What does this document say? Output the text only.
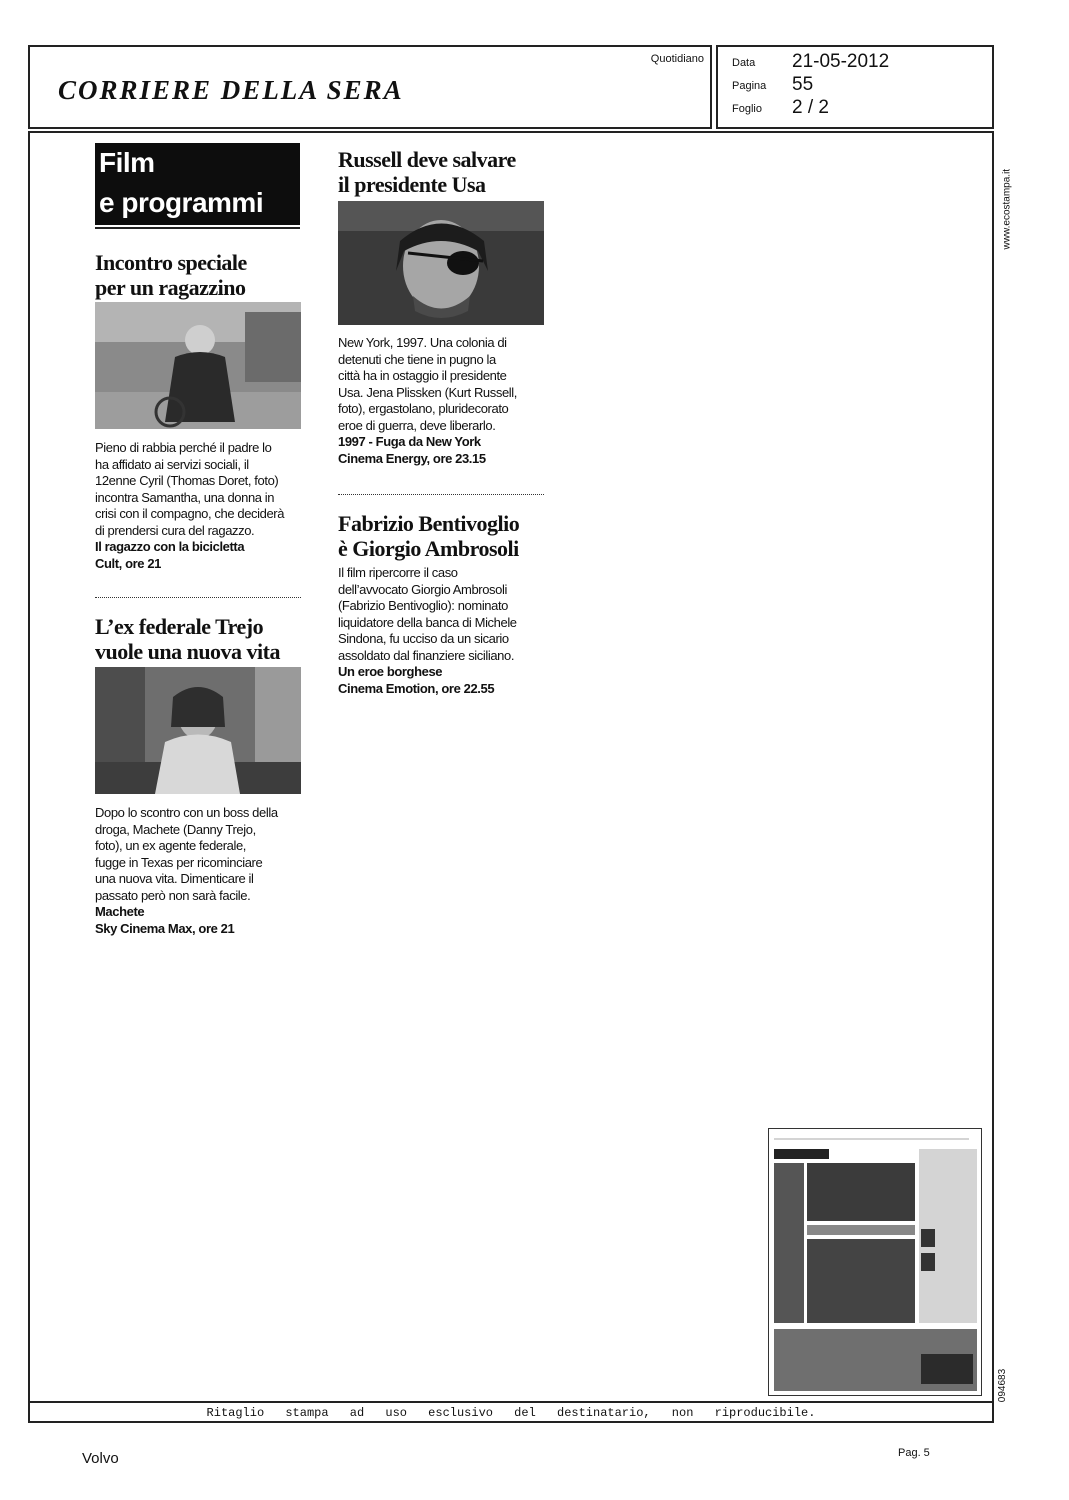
CORRIERE DELLA SERA
Quotidiano	Data 21-05-2012
Pagina 55
Foglio 2 / 2
Ritaglio stampa ad uso esclusivo del destinatario, non riproducibile.
www.ecostampa.it
094683
Film
e programmi
Incontro speciale
per un ragazzino

Pieno di rabbia perché il padre lo

ha affidato ai servizi sociali, il

12enne Cyril (Thomas Doret, foto)

incontra Samantha, una donna in

crisi con il compagno, che deciderà

di prendersi cura del ragazzo.

Il ragazzo con la bicicletta

Cult, ore 21

L’ex federale Trejo
vuole una nuova vita

Dopo lo scontro con un boss della

droga, Machete (Danny Trejo,

foto), un ex agente federale,

fugge in Texas per ricominciare

una nuova vita. Dimenticare il

passato però non sarà facile.

Machete

Sky Cinema Max, ore 21

Russell deve salvare
il presidente Usa

New York, 1997. Una colonia di

detenuti che tiene in pugno la

città ha in ostaggio il presidente

Usa. Jena Plissken (Kurt Russell,

foto), ergastolano, pluridecorato

eroe di guerra, deve liberarlo.

1997 - Fuga da New York

Cinema Energy, ore 23.15

Fabrizio Bentivoglio
è Giorgio Ambrosoli

Il film ripercorre il caso

dell’avvocato Giorgio Ambrosoli

(Fabrizio Bentivoglio): nominato

liquidatore della banca di Michele

Sindona, fu ucciso da un sicario

assoldato dal finanziere siciliano.

Un eroe borghese

Cinema Emotion, ore 22.55

Volvo	Pag. 5
